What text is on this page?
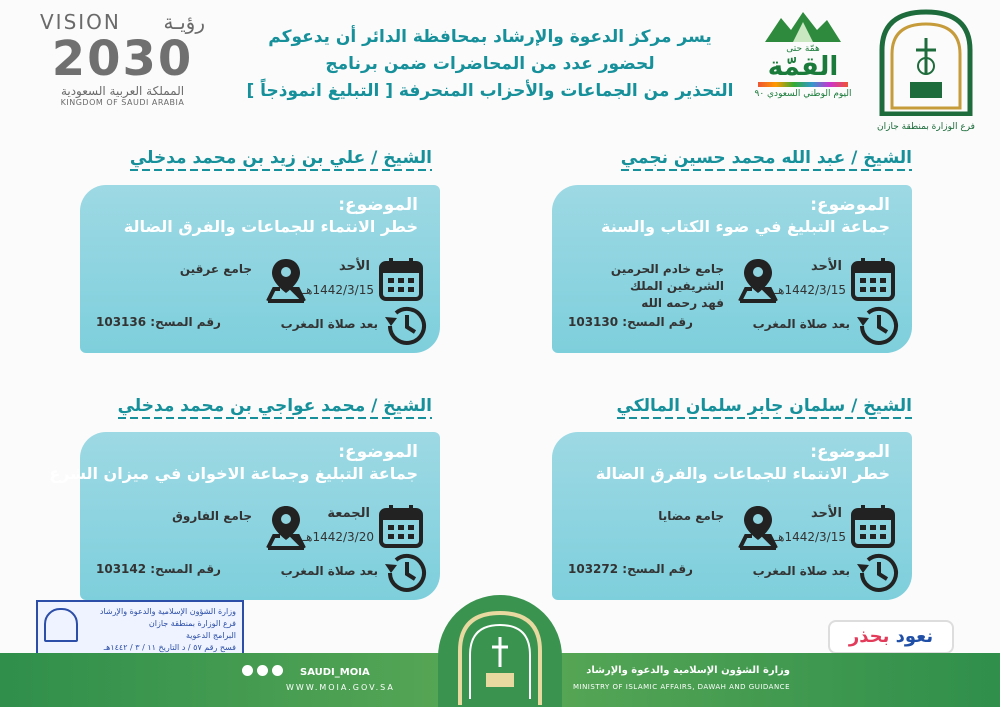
VISION رؤيـة
2030
المملكة العربية السعودية
KINGDOM OF SAUDI ARABIA
يسر مركز الدعوة والإرشاد بمحافظة الدائر أن يدعوكم
لحضور عدد من المحاضرات ضمن برنامج
التحذير من الجماعات والأحزاب المنحرفة [ التبليغ انموذجاً ]
همّة حتى
القمّة
اليوم الوطني السعودي ٩٠
فرع الوزارة بمنطقة جازان
الشيخ / عبد الله محمد حسين نجمي
الموضوع:
جماعة التبليغ في ضوء الكتاب والسنة
الأحد
1442/3/15هـ
جامع خادم الحرمين الشريفين الملك فهد رحمه الله
بعد صلاة المغرب
رقم المسح: 103130
الشيخ / علي بن زيد بن محمد مدخلي
الموضوع:
خطر الانتماء للجماعات والفرق الضالة
الأحد
1442/3/15هـ
جامع عرقين
بعد صلاة المغرب
رقم المسح: 103136
الشيخ / سلمان جابر سلمان المالكي
الموضوع:
خطر الانتماء للجماعات والفرق الضالة
الأحد
1442/3/15هـ
جامع مضايا
بعد صلاة المغرب
رقم المسح: 103272
الشيخ / محمد عواجي بن محمد مدخلي
الموضوع:
جماعة التبليغ وجماعة الاخوان في ميزان الشرع
الجمعة
1442/3/20هـ
جامع الفاروق
بعد صلاة المغرب
رقم المسح: 103142
وزارة الشؤون الإسلامية والدعوة والإرشاد
فرع الوزارة بمنطقة جازان
البرامج الدعوية
فسح رقم ٥٧ / د التاريخ ١١ / ٣ / ١٤٤٢هـ
نعود بحذر
SAUDI_MOIA
WWW.MOIA.GOV.SA
وزارة الشؤون الإسلامية والدعوة والإرشاد
MINISTRY OF ISLAMIC AFFAIRS, DAWAH AND GUIDANCE
